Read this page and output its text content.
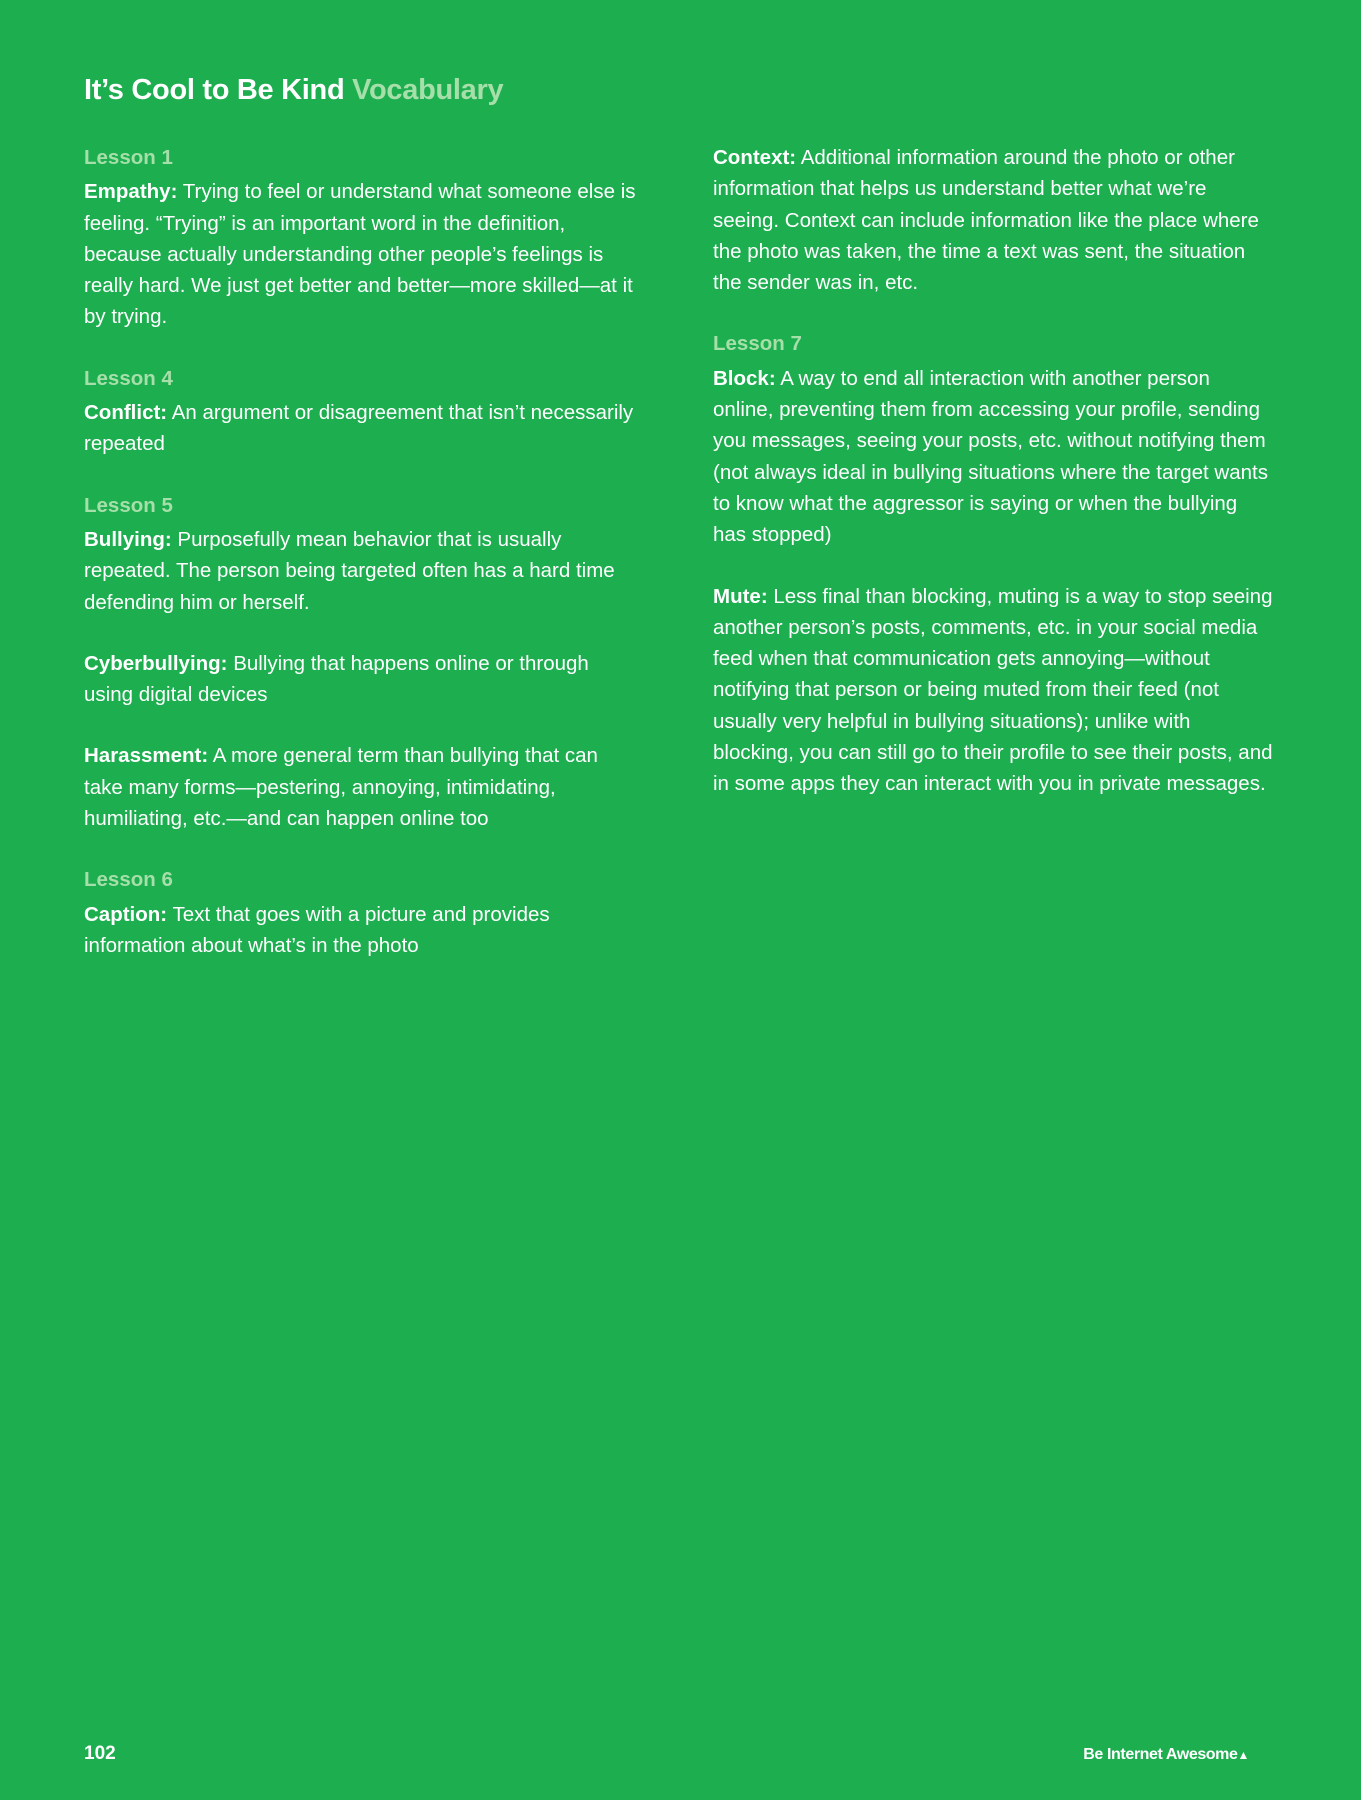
It’s Cool to Be Kind Vocabulary
Lesson 1

Empathy: Trying to feel or understand what someone else is feeling. “Trying” is an important word in the definition, because actually understanding other people’s feelings is really hard. We just get better and better—more skilled—at it by trying.

Lesson 4

Conflict: An argument or disagreement that isn’t necessarily repeated

Lesson 5

Bullying: Purposefully mean behavior that is usually repeated. The person being targeted often has a hard time defending him or herself.

Cyberbullying: Bullying that happens online or through using digital devices

Harassment: A more general term than bullying that can take many forms—pestering, annoying, intimidating, humiliating, etc.—and can happen online too

Lesson 6

Caption: Text that goes with a picture and provides information about what’s in the photo

Context: Additional information around the photo or other information that helps us understand better what we’re seeing. Context can include information like the place where the photo was taken, the time a text was sent, the situation the sender was in, etc.

Lesson 7

Block: A way to end all interaction with another person online, preventing them from accessing your profile, sending you messages, seeing your posts, etc. without notifying them (not always ideal in bullying situations where the target wants to know what the aggressor is saying or when the bullying has stopped)

Mute: Less final than blocking, muting is a way to stop seeing another person’s posts, comments, etc. in your social media feed when that communication gets annoying—without notifying that person or being muted from their feed (not usually very helpful in bullying situations); unlike with blocking, you can still go to their profile to see their posts, and in some apps they can interact with you in private messages.

102	Be Internet Awesome▲
